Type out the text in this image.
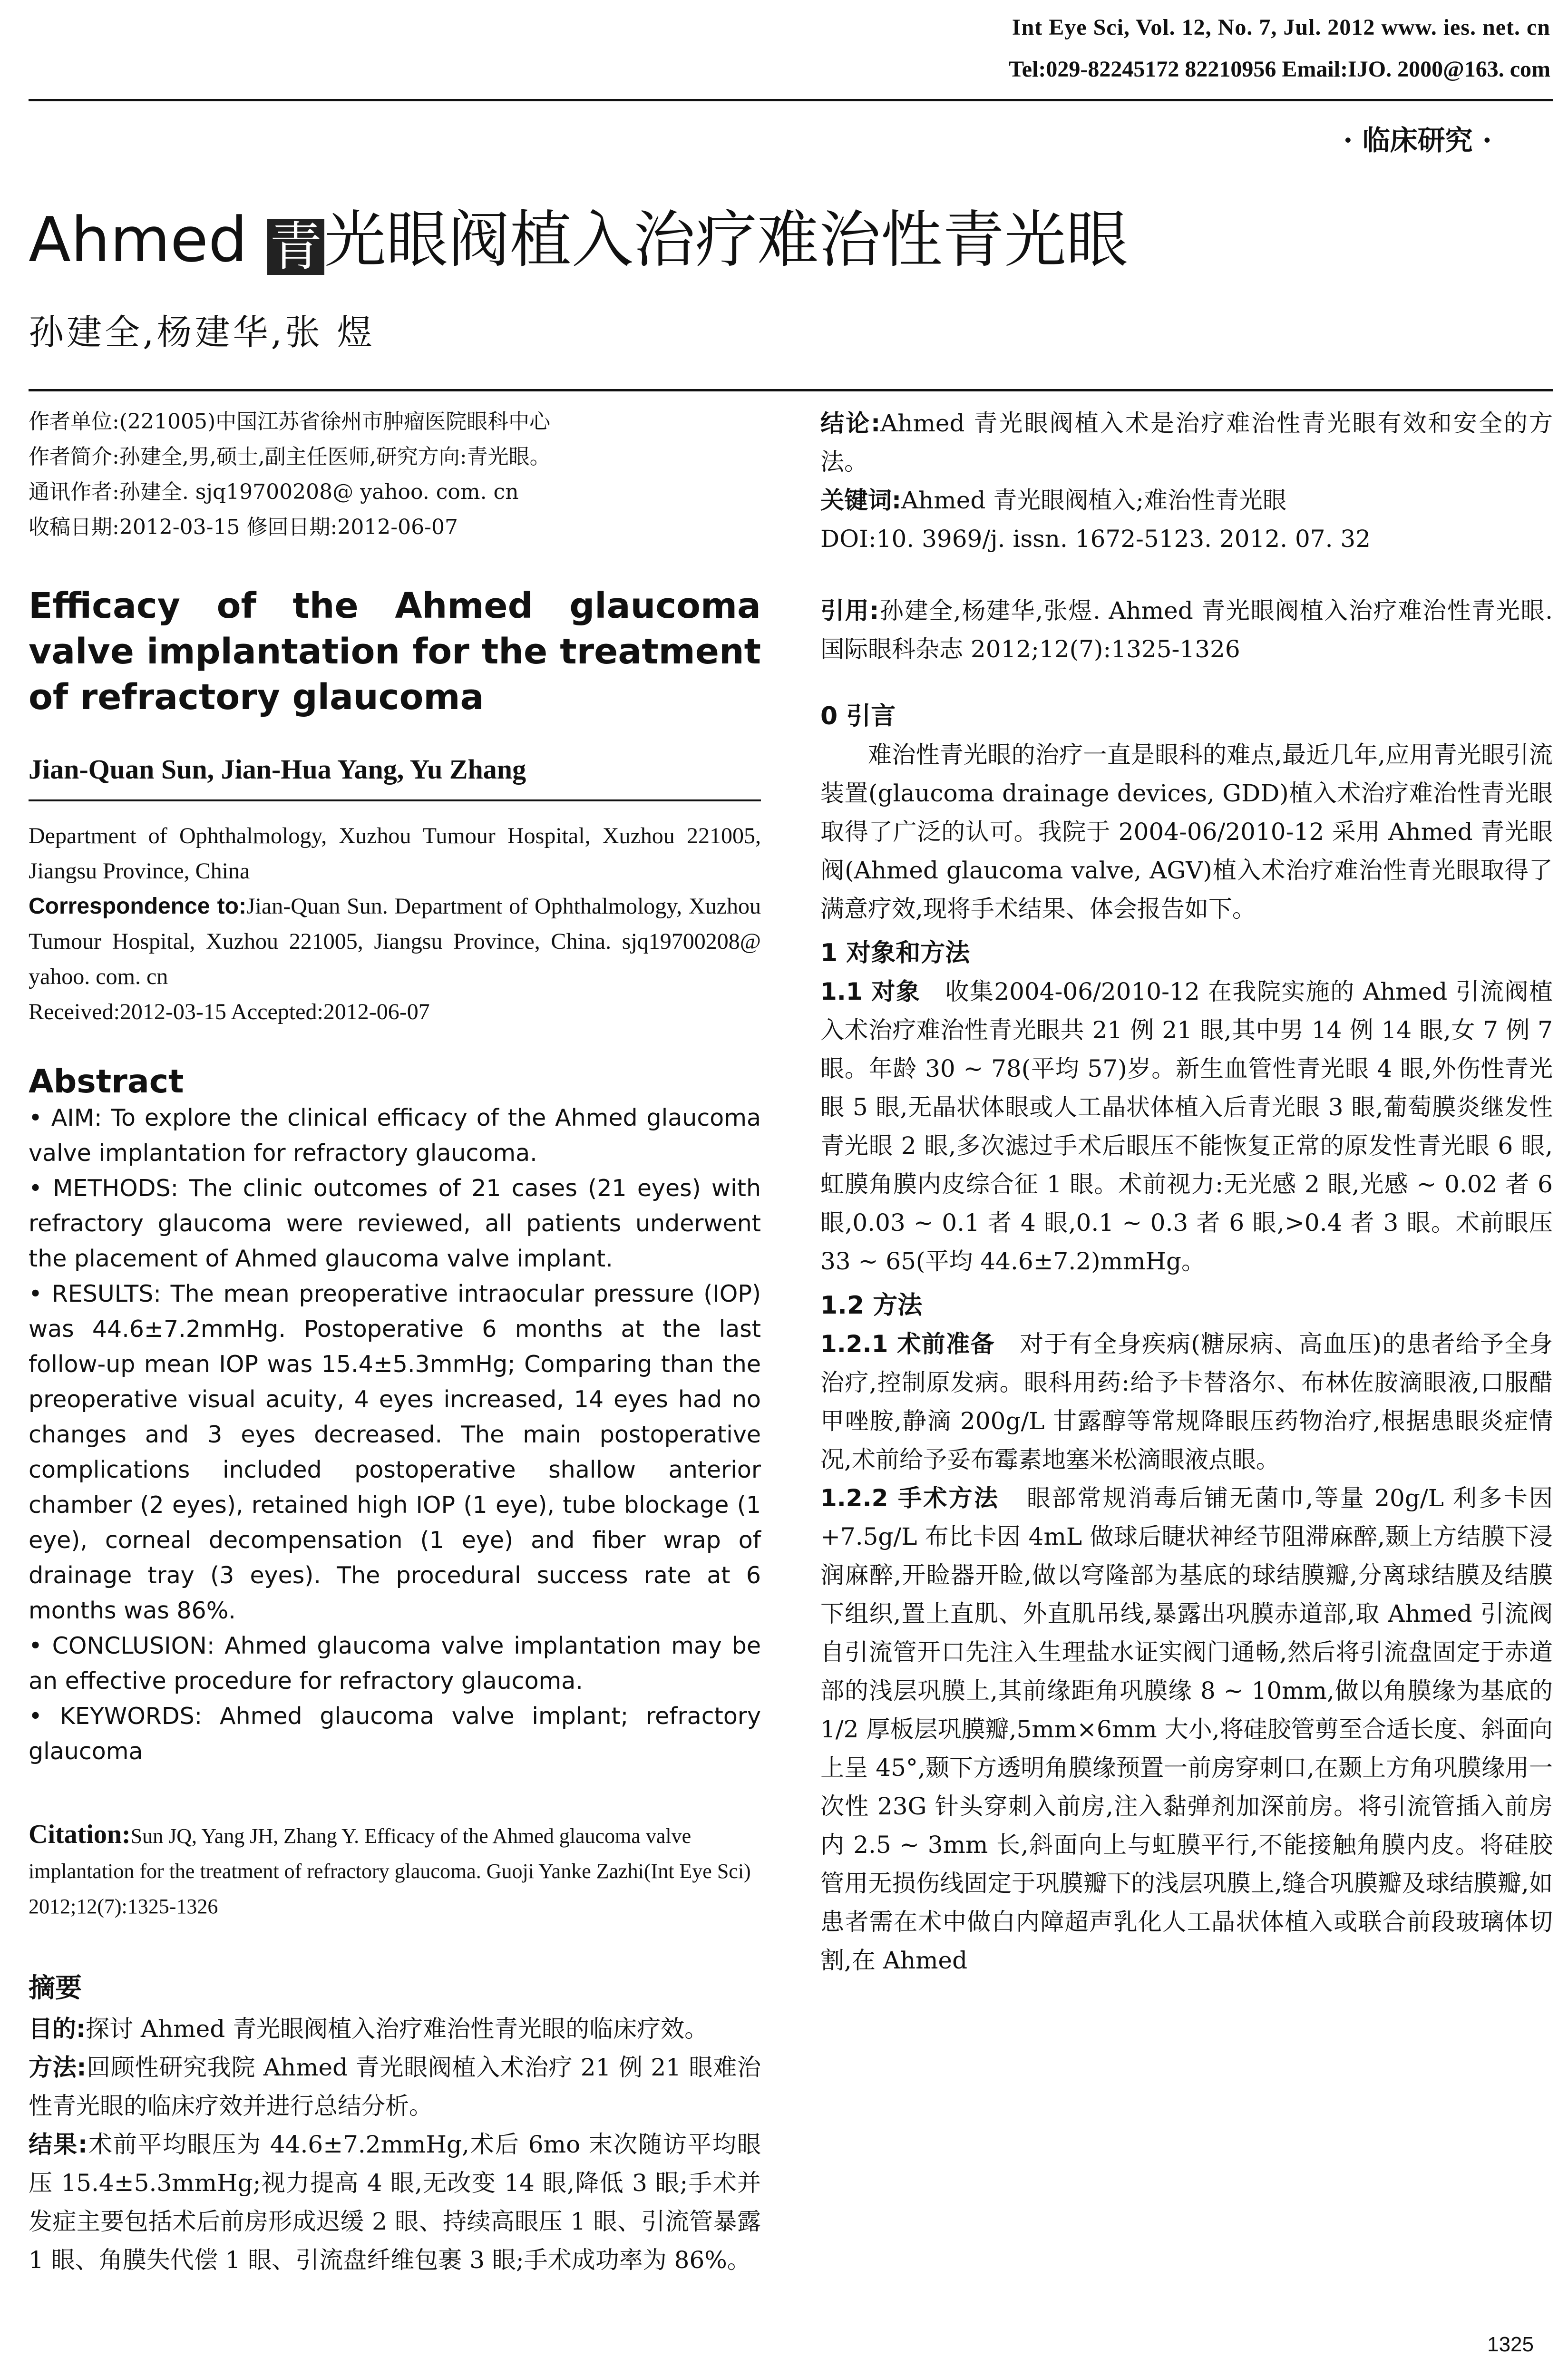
Int Eye Sci, Vol. 12, No. 7, Jul. 2012 www. ies. net. cn
Tel:029-82245172 82210956 Email:IJO. 2000@163. com
· 临床研究 ·
Ahmed 青光眼阀植入治疗难治性青光眼
孙建全,杨建华,张 煜

作者单位:(221005)中国江苏省徐州市肿瘤医院眼科中心

作者简介:孙建全,男,硕士,副主任医师,研究方向:青光眼。

通讯作者:孙建全. sjq19700208@ yahoo. com. cn

收稿日期:2012-03-15 修回日期:2012-06-07

Efficacy of the Ahmed glaucoma valve implantation for the treatment of refractory glaucoma

Jian-Quan Sun, Jian-Hua Yang, Yu Zhang

Department of Ophthalmology, Xuzhou Tumour Hospital, Xuzhou 221005, Jiangsu Province, China

Correspondence to:Jian-Quan Sun. Department of Ophthalmology, Xuzhou Tumour Hospital, Xuzhou 221005, Jiangsu Province, China. sjq19700208@ yahoo. com. cn

Received:2012-03-15 Accepted:2012-06-07

Abstract

• AIM: To explore the clinical efficacy of the Ahmed glaucoma valve implantation for refractory glaucoma.

• METHODS: The clinic outcomes of 21 cases (21 eyes) with refractory glaucoma were reviewed, all patients underwent the placement of Ahmed glaucoma valve implant.

• RESULTS: The mean preoperative intraocular pressure (IOP) was 44.6±7.2mmHg. Postoperative 6 months at the last follow-up mean IOP was 15.4±5.3mmHg; Comparing than the preoperative visual acuity, 4 eyes increased, 14 eyes had no changes and 3 eyes decreased. The main postoperative complications included postoperative shallow anterior chamber (2 eyes), retained high IOP (1 eye), tube blockage (1 eye), corneal decompensation (1 eye) and fiber wrap of drainage tray (3 eyes). The procedural success rate at 6 months was 86%.

• CONCLUSION: Ahmed glaucoma valve implantation may be an effective procedure for refractory glaucoma.

• KEYWORDS: Ahmed glaucoma valve implant; refractory glaucoma

Citation:Sun JQ, Yang JH, Zhang Y. Efficacy of the Ahmed glaucoma valve implantation for the treatment of refractory glaucoma. Guoji Yanke Zazhi(Int Eye Sci) 2012;12(7):1325-1326

摘要

目的:探讨 Ahmed 青光眼阀植入治疗难治性青光眼的临床疗效。

方法:回顾性研究我院 Ahmed 青光眼阀植入术治疗 21 例 21 眼难治性青光眼的临床疗效并进行总结分析。

结果:术前平均眼压为 44.6±7.2mmHg,术后 6mo 末次随访平均眼压 15.4±5.3mmHg;视力提高 4 眼,无改变 14 眼,降低 3 眼;手术并发症主要包括术后前房形成迟缓 2 眼、持续高眼压 1 眼、引流管暴露 1 眼、角膜失代偿 1 眼、引流盘纤维包裹 3 眼;手术成功率为 86%。

结论:Ahmed 青光眼阀植入术是治疗难治性青光眼有效和安全的方法。

关键词:Ahmed 青光眼阀植入;难治性青光眼

DOI:10. 3969/j. issn. 1672-5123. 2012. 07. 32

引用:孙建全,杨建华,张煜. Ahmed 青光眼阀植入治疗难治性青光眼. 国际眼科杂志 2012;12(7):1325-1326

0 引言

难治性青光眼的治疗一直是眼科的难点,最近几年,应用青光眼引流装置(glaucoma drainage devices, GDD)植入术治疗难治性青光眼取得了广泛的认可。我院于 2004-06/2010-12 采用 Ahmed 青光眼阀(Ahmed glaucoma valve, AGV)植入术治疗难治性青光眼取得了满意疗效,现将手术结果、体会报告如下。

1 对象和方法

1.1 对象 收集2004-06/2010-12 在我院实施的 Ahmed 引流阀植入术治疗难治性青光眼共 21 例 21 眼,其中男 14 例 14 眼,女 7 例 7 眼。年龄 30 ~ 78(平均 57)岁。新生血管性青光眼 4 眼,外伤性青光眼 5 眼,无晶状体眼或人工晶状体植入后青光眼 3 眼,葡萄膜炎继发性青光眼 2 眼,多次滤过手术后眼压不能恢复正常的原发性青光眼 6 眼,虹膜角膜内皮综合征 1 眼。术前视力:无光感 2 眼,光感 ~ 0.02 者 6 眼,0.03 ~ 0.1 者 4 眼,0.1 ~ 0.3 者 6 眼,>0.4 者 3 眼。术前眼压 33 ~ 65(平均 44.6±7.2)mmHg。

1.2 方法

1.2.1 术前准备 对于有全身疾病(糖尿病、高血压)的患者给予全身治疗,控制原发病。眼科用药:给予卡替洛尔、布林佐胺滴眼液,口服醋甲唑胺,静滴 200g/L 甘露醇等常规降眼压药物治疗,根据患眼炎症情况,术前给予妥布霉素地塞米松滴眼液点眼。

1.2.2 手术方法 眼部常规消毒后铺无菌巾,等量 20g/L 利多卡因+7.5g/L 布比卡因 4mL 做球后睫状神经节阻滞麻醉,颞上方结膜下浸润麻醉,开睑器开睑,做以穹隆部为基底的球结膜瓣,分离球结膜及结膜下组织,置上直肌、外直肌吊线,暴露出巩膜赤道部,取 Ahmed 引流阀自引流管开口先注入生理盐水证实阀门通畅,然后将引流盘固定于赤道部的浅层巩膜上,其前缘距角巩膜缘 8 ~ 10mm,做以角膜缘为基底的 1/2 厚板层巩膜瓣,5mm×6mm 大小,将硅胶管剪至合适长度、斜面向上呈 45°,颞下方透明角膜缘预置一前房穿刺口,在颞上方角巩膜缘用一次性 23G 针头穿刺入前房,注入黏弹剂加深前房。将引流管插入前房内 2.5 ~ 3mm 长,斜面向上与虹膜平行,不能接触角膜内皮。将硅胶管用无损伤线固定于巩膜瓣下的浅层巩膜上,缝合巩膜瓣及球结膜瓣,如患者需在术中做白内障超声乳化人工晶状体植入或联合前段玻璃体切割,在 Ahmed

1325
